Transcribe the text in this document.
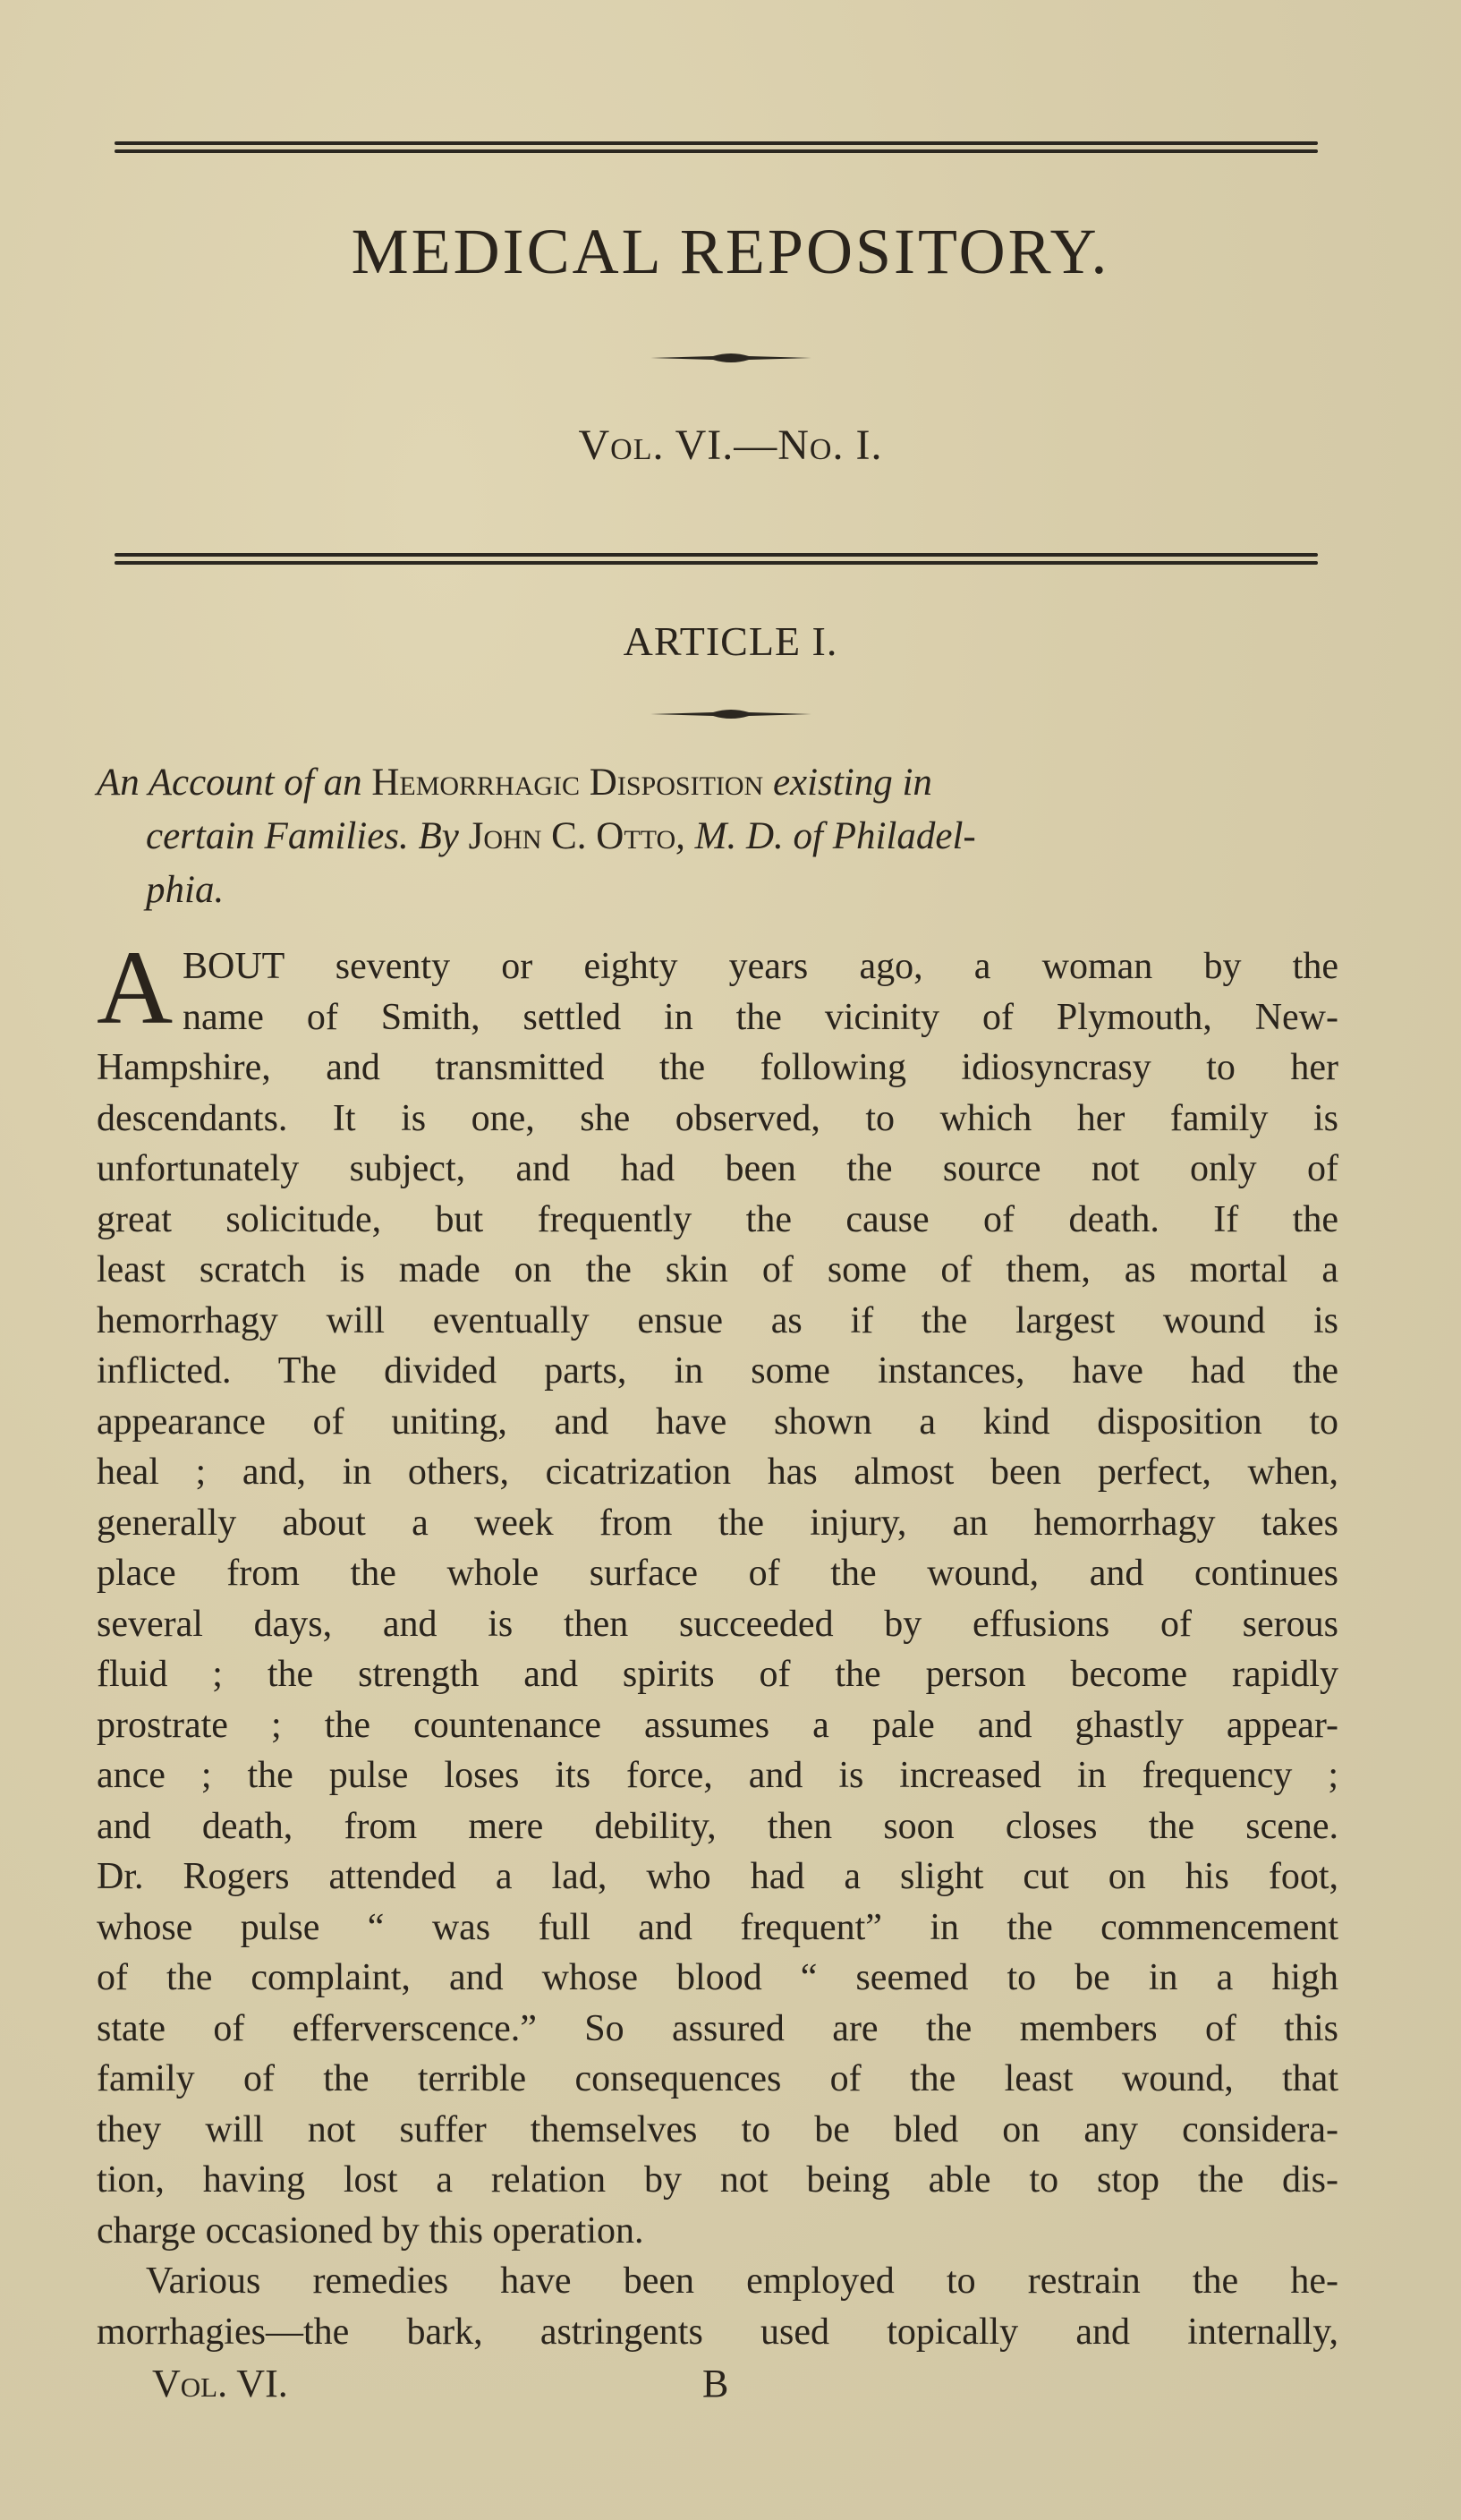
MEDICAL REPOSITORY.
Vol. VI.—No. I.
ARTICLE I.
An Account of an Hemorrhagic Disposition existing in
certain Families. By John C. Otto, M. D. of Philadel-
phia.
A BOUT seventy or eighty years ago, a woman by the
name of Smith, settled in the vicinity of Plymouth, New-
Hampshire, and transmitted the following idiosyncrasy to her
descendants. It is one, she observed, to which her family is
unfortunately subject, and had been the source not only of
great solicitude, but frequently the cause of death. If the
least scratch is made on the skin of some of them, as mortal a
hemorrhagy will eventually ensue as if the largest wound is
inflicted. The divided parts, in some instances, have had the
appearance of uniting, and have shown a kind disposition to
heal ; and, in others, cicatrization has almost been perfect, when,
generally about a week from the injury, an hemorrhagy takes
place from the whole surface of the wound, and continues
several days, and is then succeeded by effusions of serous
fluid ; the strength and spirits of the person become rapidly
prostrate ; the countenance assumes a pale and ghastly appear-
ance ; the pulse loses its force, and is increased in frequency ;
and death, from mere debility, then soon closes the scene.
Dr. Rogers attended a lad, who had a slight cut on his foot,
whose pulse “ was full and frequent” in the commencement
of the complaint, and whose blood “ seemed to be in a high
state of efferverscence.” So assured are the members of this
family of the terrible consequences of the least wound, that
they will not suffer themselves to be bled on any considera-
tion, having lost a relation by not being able to stop the dis-
charge occasioned by this operation.
Various remedies have been employed to restrain the he-
morrhagies—the bark, astringents used topically and internally,
Vol. VI.	B
